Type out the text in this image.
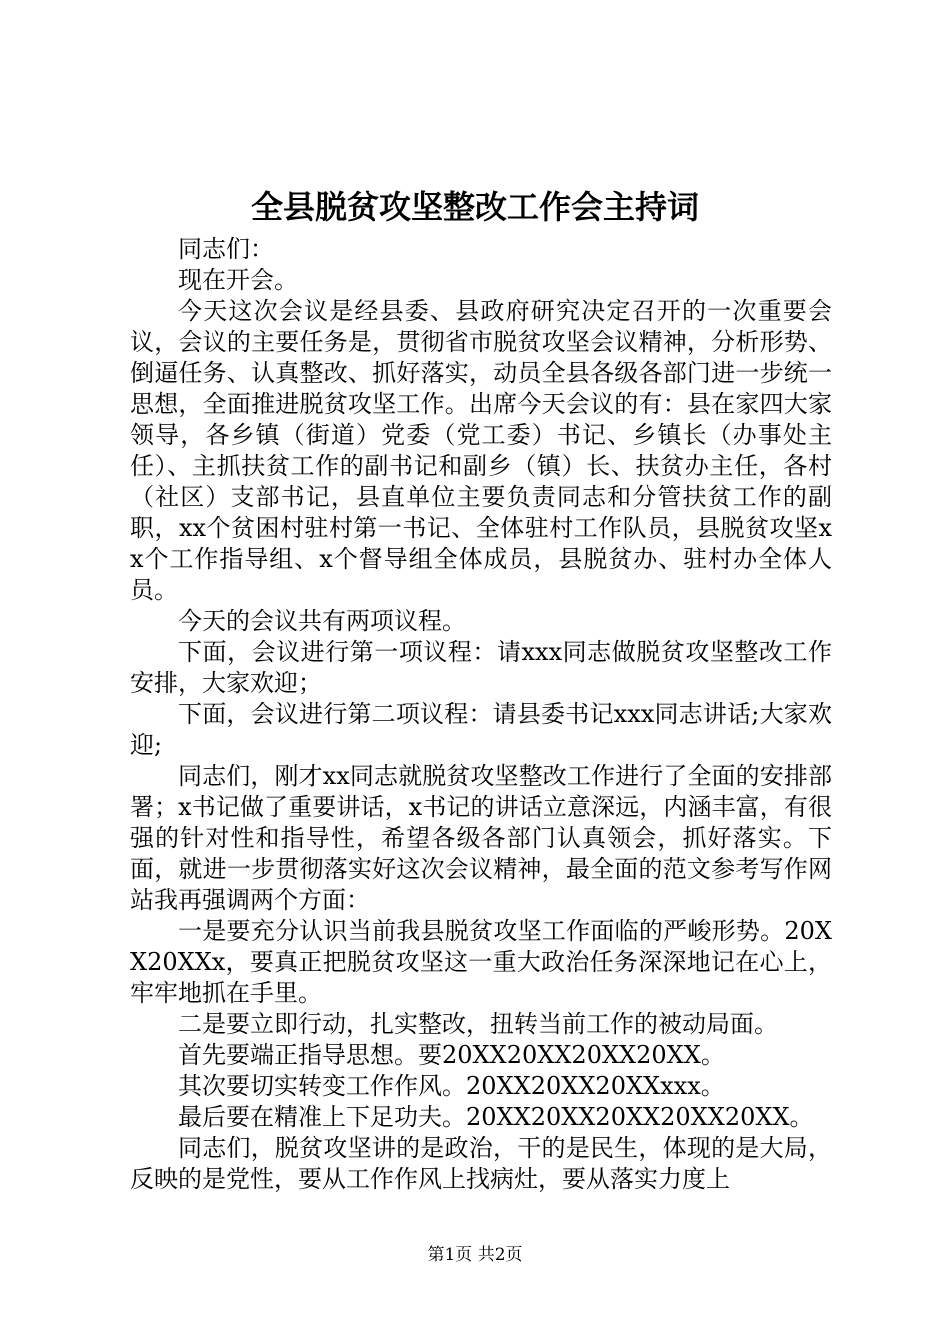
全县脱贫攻坚整改工作会主持词

同志们：

现在开会。

今天这次会议是经县委、县政府研究决定召开的一次重要会议，会议的主要任务是，贯彻省市脱贫攻坚会议精神，分析形势、倒逼任务、认真整改、抓好落实，动员全县各级各部门进一步统一思想，全面推进脱贫攻坚工作。出席今天会议的有：县在家四大家领导，各乡镇（街道）党委（党工委）书记、乡镇长（办事处主任）、主抓扶贫工作的副书记和副乡（镇）长、扶贫办主任，各村（社区）支部书记，县直单位主要负责同志和分管扶贫工作的副职，xx个贫困村驻村第一书记、全体驻村工作队员，县脱贫攻坚xx个工作指导组、x个督导组全体成员，县脱贫办、驻村办全体人员。

今天的会议共有两项议程。

下面，会议进行第一项议程：请xxx同志做脱贫攻坚整改工作安排，大家欢迎；

下面，会议进行第二项议程：请县委书记xxx同志讲话;大家欢迎;

同志们，刚才xx同志就脱贫攻坚整改工作进行了全面的安排部署；x书记做了重要讲话，x书记的讲话立意深远，内涵丰富，有很强的针对性和指导性，希望各级各部门认真领会，抓好落实。下面，就进一步贯彻落实好这次会议精神，最全面的范文参考写作网站我再强调两个方面：

一是要充分认识当前我县脱贫攻坚工作面临的严峻形势。20XX20XXx，要真正把脱贫攻坚这一重大政治任务深深地记在心上，牢牢地抓在手里。

二是要立即行动，扎实整改，扭转当前工作的被动局面。

首先要端正指导思想。要20XX20XX20XX20XX。

其次要切实转变工作作风。20XX20XX20XXxxx。

最后要在精准上下足功夫。20XX20XX20XX20XX20XX。

同志们，脱贫攻坚讲的是政治，干的是民生，体现的是大局，反映的是党性，要从工作作风上找病灶，要从落实力度上

第1页 共2页
